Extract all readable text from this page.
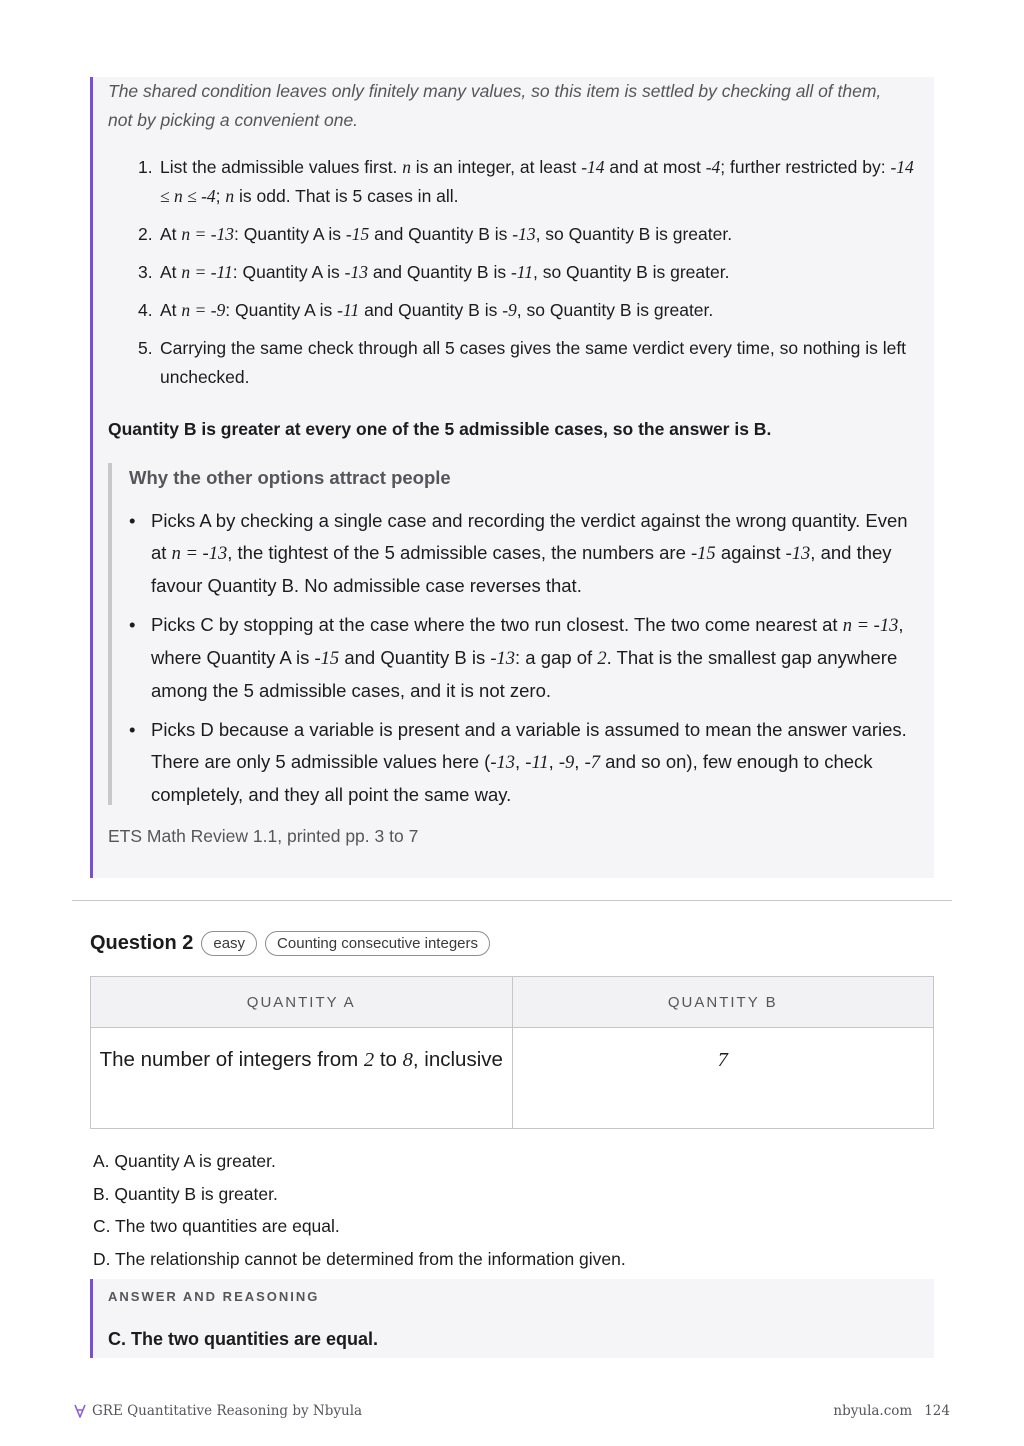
The shared condition leaves only finitely many values, so this item is settled by checking all of them, not by picking a convenient one.

1. List the admissible values first. n is an integer, at least -14 and at most -4; further restricted by: -14 ≤ n ≤ -4; n is odd. That is 5 cases in all.
2. At n = -13: Quantity A is -15 and Quantity B is -13, so Quantity B is greater.
3. At n = -11: Quantity A is -13 and Quantity B is -11, so Quantity B is greater.
4. At n = -9: Quantity A is -11 and Quantity B is -9, so Quantity B is greater.
5. Carrying the same check through all 5 cases gives the same verdict every time, so nothing is left unchecked.

Quantity B is greater at every one of the 5 admissible cases, so the answer is B.

Why the other options attract people
• Picks A by checking a single case and recording the verdict against the wrong quantity. Even at n = -13, the tightest of the 5 admissible cases, the numbers are -15 against -13, and they favour Quantity B. No admissible case reverses that.
• Picks C by stopping at the case where the two run closest. The two come nearest at n = -13, where Quantity A is -15 and Quantity B is -13: a gap of 2. That is the smallest gap anywhere among the 5 admissible cases, and it is not zero.
• Picks D because a variable is present and a variable is assumed to mean the answer varies. There are only 5 admissible values here (-13, -11, -9, -7 and so on), few enough to check completely, and they all point the same way.

ETS Math Review 1.1, printed pp. 3 to 7

Question 2	easy	Counting consecutive integers
QUANTITY A	QUANTITY B
The number of integers from 2 to 8, inclusive	7
A. Quantity A is greater.
B. Quantity B is greater.
C. The two quantities are equal.
D. The relationship cannot be determined from the information given.

ANSWER AND REASONING

C. The two quantities are equal.

GRE Quantitative Reasoning by Nbyula	nbyula.com 124
